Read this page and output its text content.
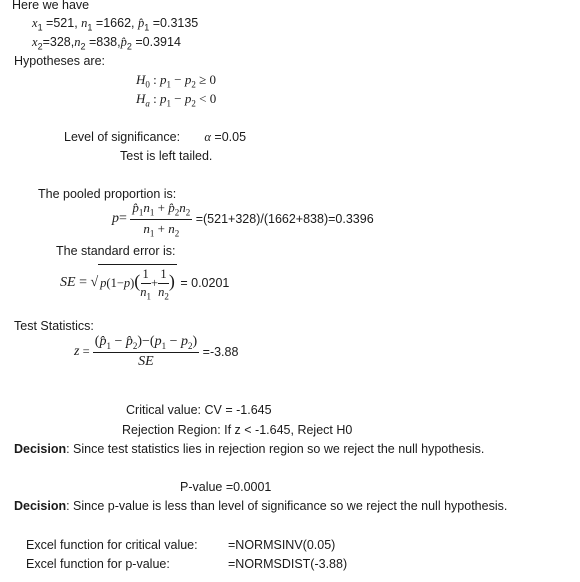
Here we have
$x_1 =521$, $n_1 =1662$, $p̂_1 =0.3135$
$x_2=328,n_2$ $=838,p̂_2 =0.3914$
Hypotheses are:
$H_0$ : $p_1 - p_2 \ge 0$
$H_a$ : $p_1 - p_2 < 0$
Level of significance: α =0.05
Test is left tailed.
The pooled proportion is:
$p= \frac{p̂_1n_1 + p̂_2n_2}{n_1 + n_2} =(521+328)/(1662+838)=0.3396$
The standard error is:
SE = √ $p(1-p)( \frac{1}{n_1} + \frac{1}{n_2}$ ) = 0.0201
Test Statistics:
$z = \frac{(p̂_1 - p̂_2)-(p_1 - p_2)}{SE} =-3.88$
Critical value: CV = -1.645
Rejection Region: If z < -1.645, Reject H0
Decision: Since test statistics lies in rejection region so we reject the null hypothesis.
P-value =0.0001
Decision: Since p-value is less than level of significance so we reject the null hypothesis.
Excel function for critical value: =NORMSINV(0.05)
Excel function for p-value:	=NORMSDIST(-3.88)
